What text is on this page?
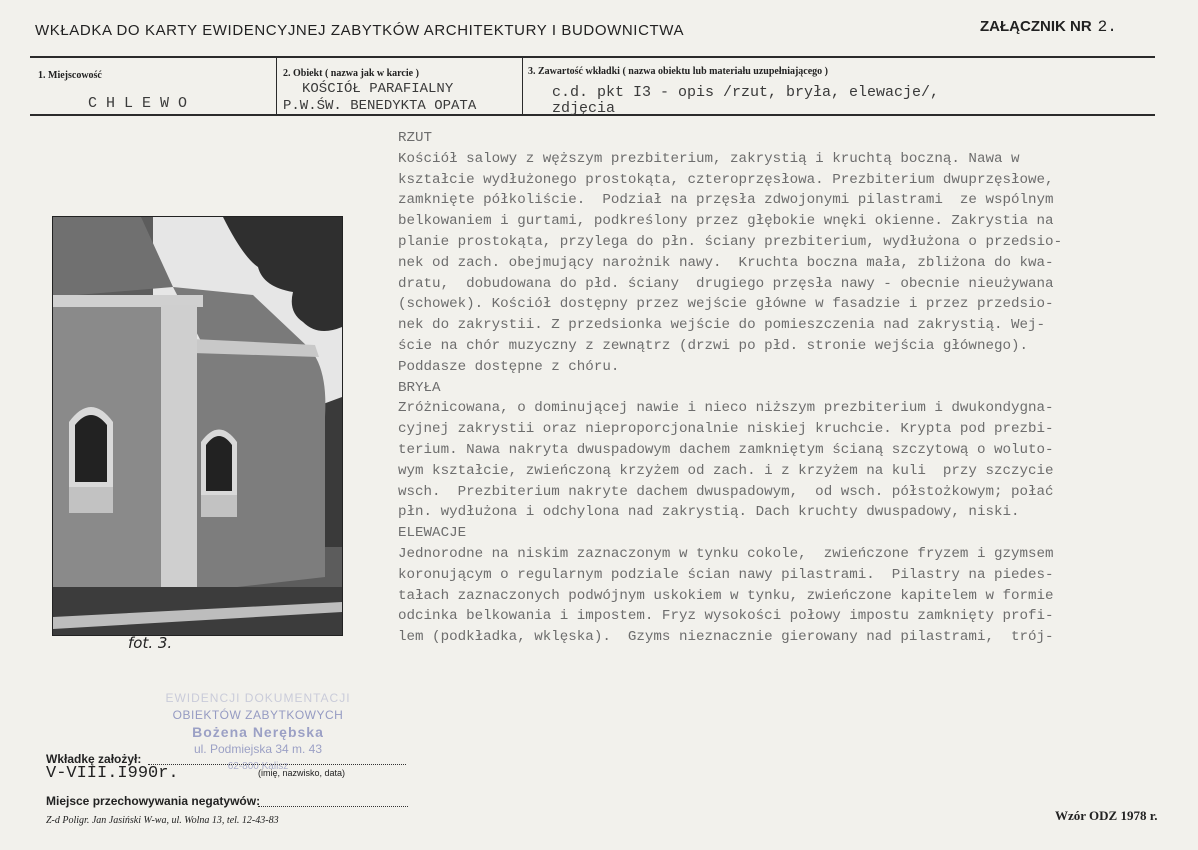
WKŁADKA DO KARTY EWIDENCYJNEJ ZABYTKÓW ARCHITEKTURY I BUDOWNICTWA	ZAŁĄCZNIK NR 2.
1. Miejscowość
CHLEWO
2. Obiekt ( nazwa jak w karcie )
KOŚCIÓŁ PARAFIALNY
P.W.ŚW. BENEDYKTA OPATA
3. Zawartość wkładki ( nazwa obiektu lub materiału uzupełniającego )
c.d. pkt I3 - opis /rzut, bryła, elewacje/,
zdjęcia
fot. 3.
RZUT
Kościół salowy z węższym prezbiterium, zakrystią i kruchtą boczną. Nawa w
kształcie wydłużonego prostokąta, czteroprzęsłowa. Prezbiterium dwuprzęsłowe,
zamknięte półkoliście.  Podział na przęsła zdwojonymi pilastrami  ze wspólnym
belkowaniem i gurtami, podkreślony przez głębokie wnęki okienne. Zakrystia na
planie prostokąta, przylega do płn. ściany prezbiterium, wydłużona o przedsio-
nek od zach. obejmujący narożnik nawy.  Kruchta boczna mała, zbliżona do kwa-
dratu,  dobudowana do płd. ściany  drugiego przęsła nawy - obecnie nieużywana
(schowek). Kościół dostępny przez wejście główne w fasadzie i przez przedsio-
nek do zakrystii. Z przedsionka wejście do pomieszczenia nad zakrystią. Wej-
ście na chór muzyczny z zewnątrz (drzwi po płd. stronie wejścia głównego).
Poddasze dostępne z chóru.
BRYŁA
Zróżnicowana, o dominującej nawie i nieco niższym prezbiterium i dwukondygna-
cyjnej zakrystii oraz nieproporcjonalnie niskiej kruchcie. Krypta pod prezbi-
terium. Nawa nakryta dwuspadowym dachem zamkniętym ścianą szczytową o woluto-
wym kształcie, zwieńczoną krzyżem od zach. i z krzyżem na kuli  przy szczycie
wsch.  Prezbiterium nakryte dachem dwuspadowym,  od wsch. półstożkowym; połać
płn. wydłużona i odchylona nad zakrystią. Dach kruchty dwuspadowy, niski.
ELEWACJE
Jednorodne na niskim zaznaczonym w tynku cokole,  zwieńczone fryzem i gzymsem
koronującym o regularnym podziale ścian nawy pilastrami.  Pilastry na piedes-
tałach zaznaczonych podwójnym uskokiem w tynku, zwieńczone kapitelem w formie
odcinka belkowania i impostem. Fryz wysokości połowy impostu zamknięty profi-
lem (podkładka, wklęska).  Gzyms nieznacznie gierowany nad pilastrami,  trój-
EWIDENCJI DOKUMENTACJI
OBIEKTÓW ZABYTKOWYCH
Bożena Nerębska
ul. Podmiejska 34 m. 43
62-800 Kalisz
Wkładkę założył:
V-VIII.I990r.	(imię, nazwisko, data)
Miejsce przechowywania negatywów:
Z-d Poligr. Jan Jasiński W-wa, ul. Wolna 13, tel. 12-43-83	Wzór ODZ 1978 r.
